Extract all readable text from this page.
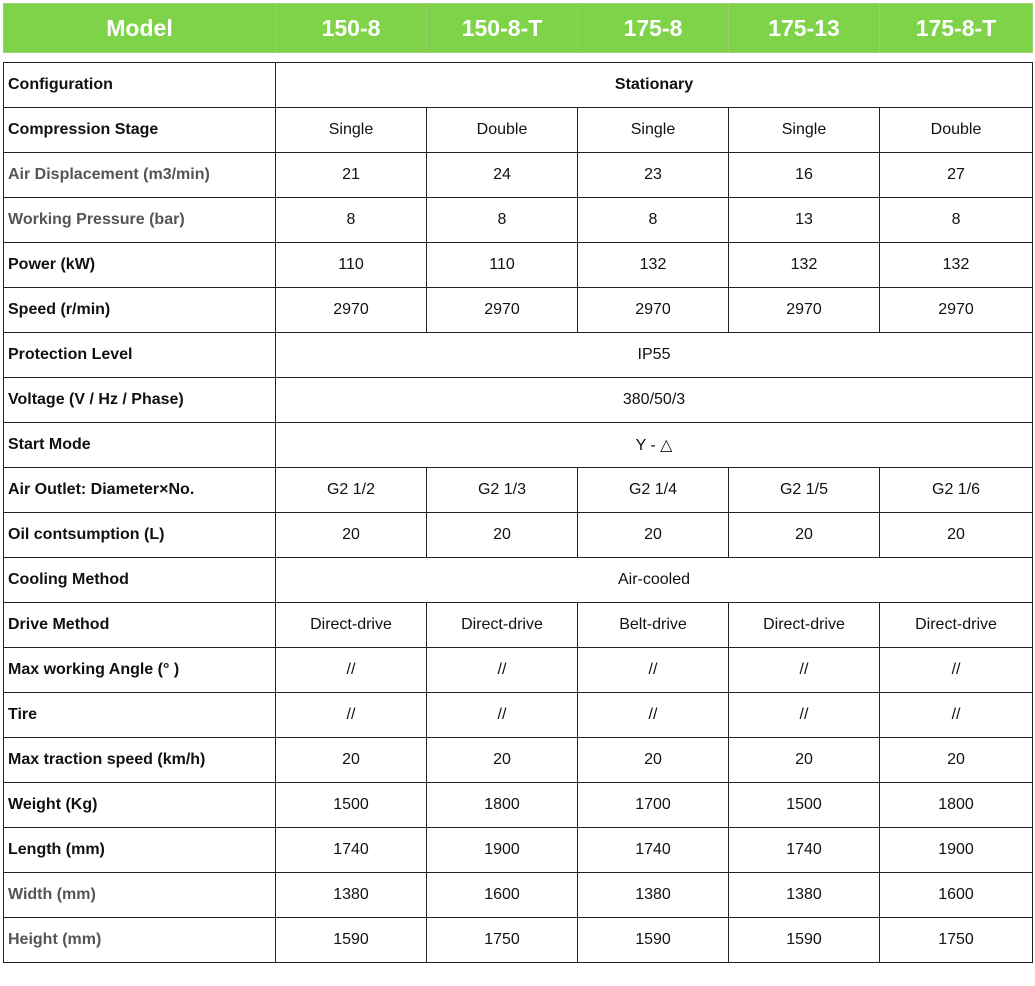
Model	150-8	150-8-T	175-8	175-13	175-8-T
Configuration	Stationary				
Compression Stage	Single	Double	Single	Single	Double
Air Displacement (m3/min)	21	24	23	16	27
Working Pressure (bar)	8	8	8	13	8
Power (kW)	110	110	132	132	132
Speed (r/min)	2970	2970	2970	2970	2970
Protection Level	IP55				
Voltage (V / Hz / Phase)	380/50/3				
Start Mode	Y - △				
Air Outlet: Diameter×No.	G2 1/2	G2 1/3	G2 1/4	G2 1/5	G2 1/6
Oil contsumption (L)	20	20	20	20	20
Cooling Method	Air-cooled				
Drive Method	Direct-drive	Direct-drive	Belt-drive	Direct-drive	Direct-drive
Max working Angle (° )	//	//	//	//	//
Tire	//	//	//	//	//
Max traction speed (km/h)	20	20	20	20	20
Weight (Kg)	1500	1800	1700	1500	1800
Length (mm)	1740	1900	1740	1740	1900
Width (mm)	1380	1600	1380	1380	1600
Height (mm)	1590	1750	1590	1590	1750
